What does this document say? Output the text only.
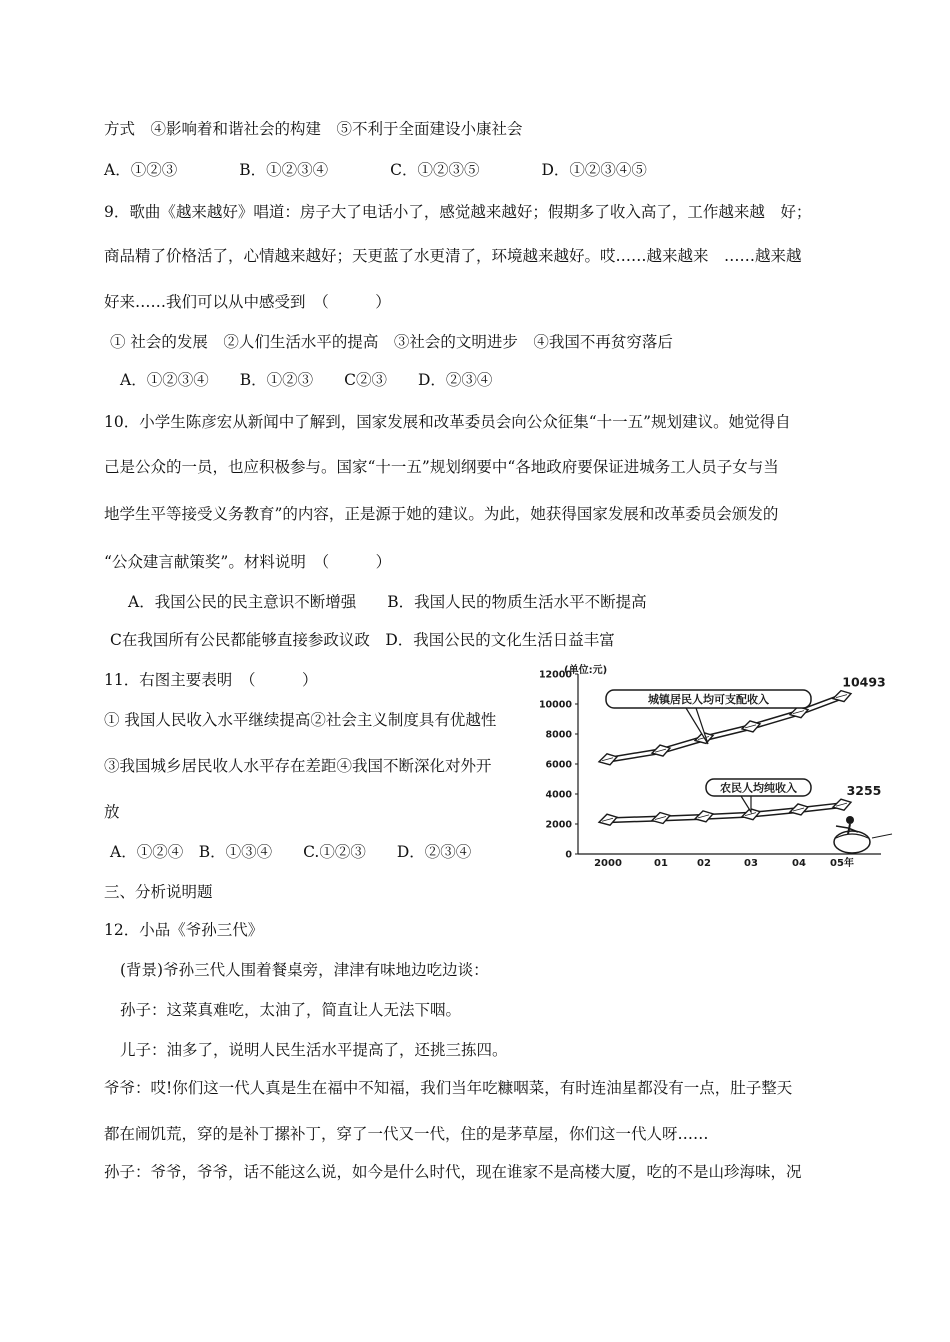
方式　④影响着和谐社会的构建　⑤不利于全面建设小康社会

A．①②③　　　　B．①②③④　　　　C．①②③⑤　　　　D．①②③④⑤

9．歌曲《越来越好》唱道：房子大了电话小了，感觉越来越好；假期多了收入高了，工作越来越　好；

商品精了价格活了，心情越来越好；天更蓝了水更清了，环境越来越好。哎……越来越来　……越来越

好来……我们可以从中感受到　（　　　）

① 社会的发展　②人们生活水平的提高　③社会的文明进步　④我国不再贫穷落后

A．①②③④　　B．①②③　　C②③　　D．②③④

10．小学生陈彦宏从新闻中了解到，国家发展和改革委员会向公众征集“十一五”规划建议。她觉得自

己是公众的一员，也应积极参与。国家“十一五”规划纲要中“各地政府要保证进城务工人员子女与当

地学生平等接受义务教育”的内容，正是源于她的建议。为此，她获得国家发展和改革委员会颁发的

“公众建言献策奖”。材料说明　（　　　）

A．我国公民的民主意识不断增强　　B．我国人民的物质生活水平不断提高

C在我国所有公民都能够直接参政议政　D．我国公民的文化生活日益丰富

11．右图主要表明　（　　　）

① 我国人民收入水平继续提高②社会主义制度具有优越性

③我国城乡居民收人水平存在差距④我国不断深化对外开

放

A．①②④　B．①③④　　C.①②③　　D．②③④

三、分析说明题

12．小品《爷孙三代》

(背景)爷孙三代人围着餐桌旁，津津有味地边吃边谈：

孙子：这菜真难吃，太油了，简直让人无法下咽。

儿子：油多了，说明人民生活水平提高了，还挑三拣四。

爷爷：哎!你们这一代人真是生在福中不知福，我们当年吃糠咽菜，有时连油星都没有一点，肚子整天

都在闹饥荒，穿的是补丁摞补丁，穿了一代又一代，住的是茅草屋，你们这一代人呀……

孙子：爷爷，爷爷，话不能这么说，如今是什么时代，现在谁家不是高楼大厦，吃的不是山珍海味，况

(单位:元)
0
2000
4000
6000
8000
10000
12000
2000	01	02	03	04 05年
城镇居民人均可支配收入
10493
农民人均纯收入	3255
